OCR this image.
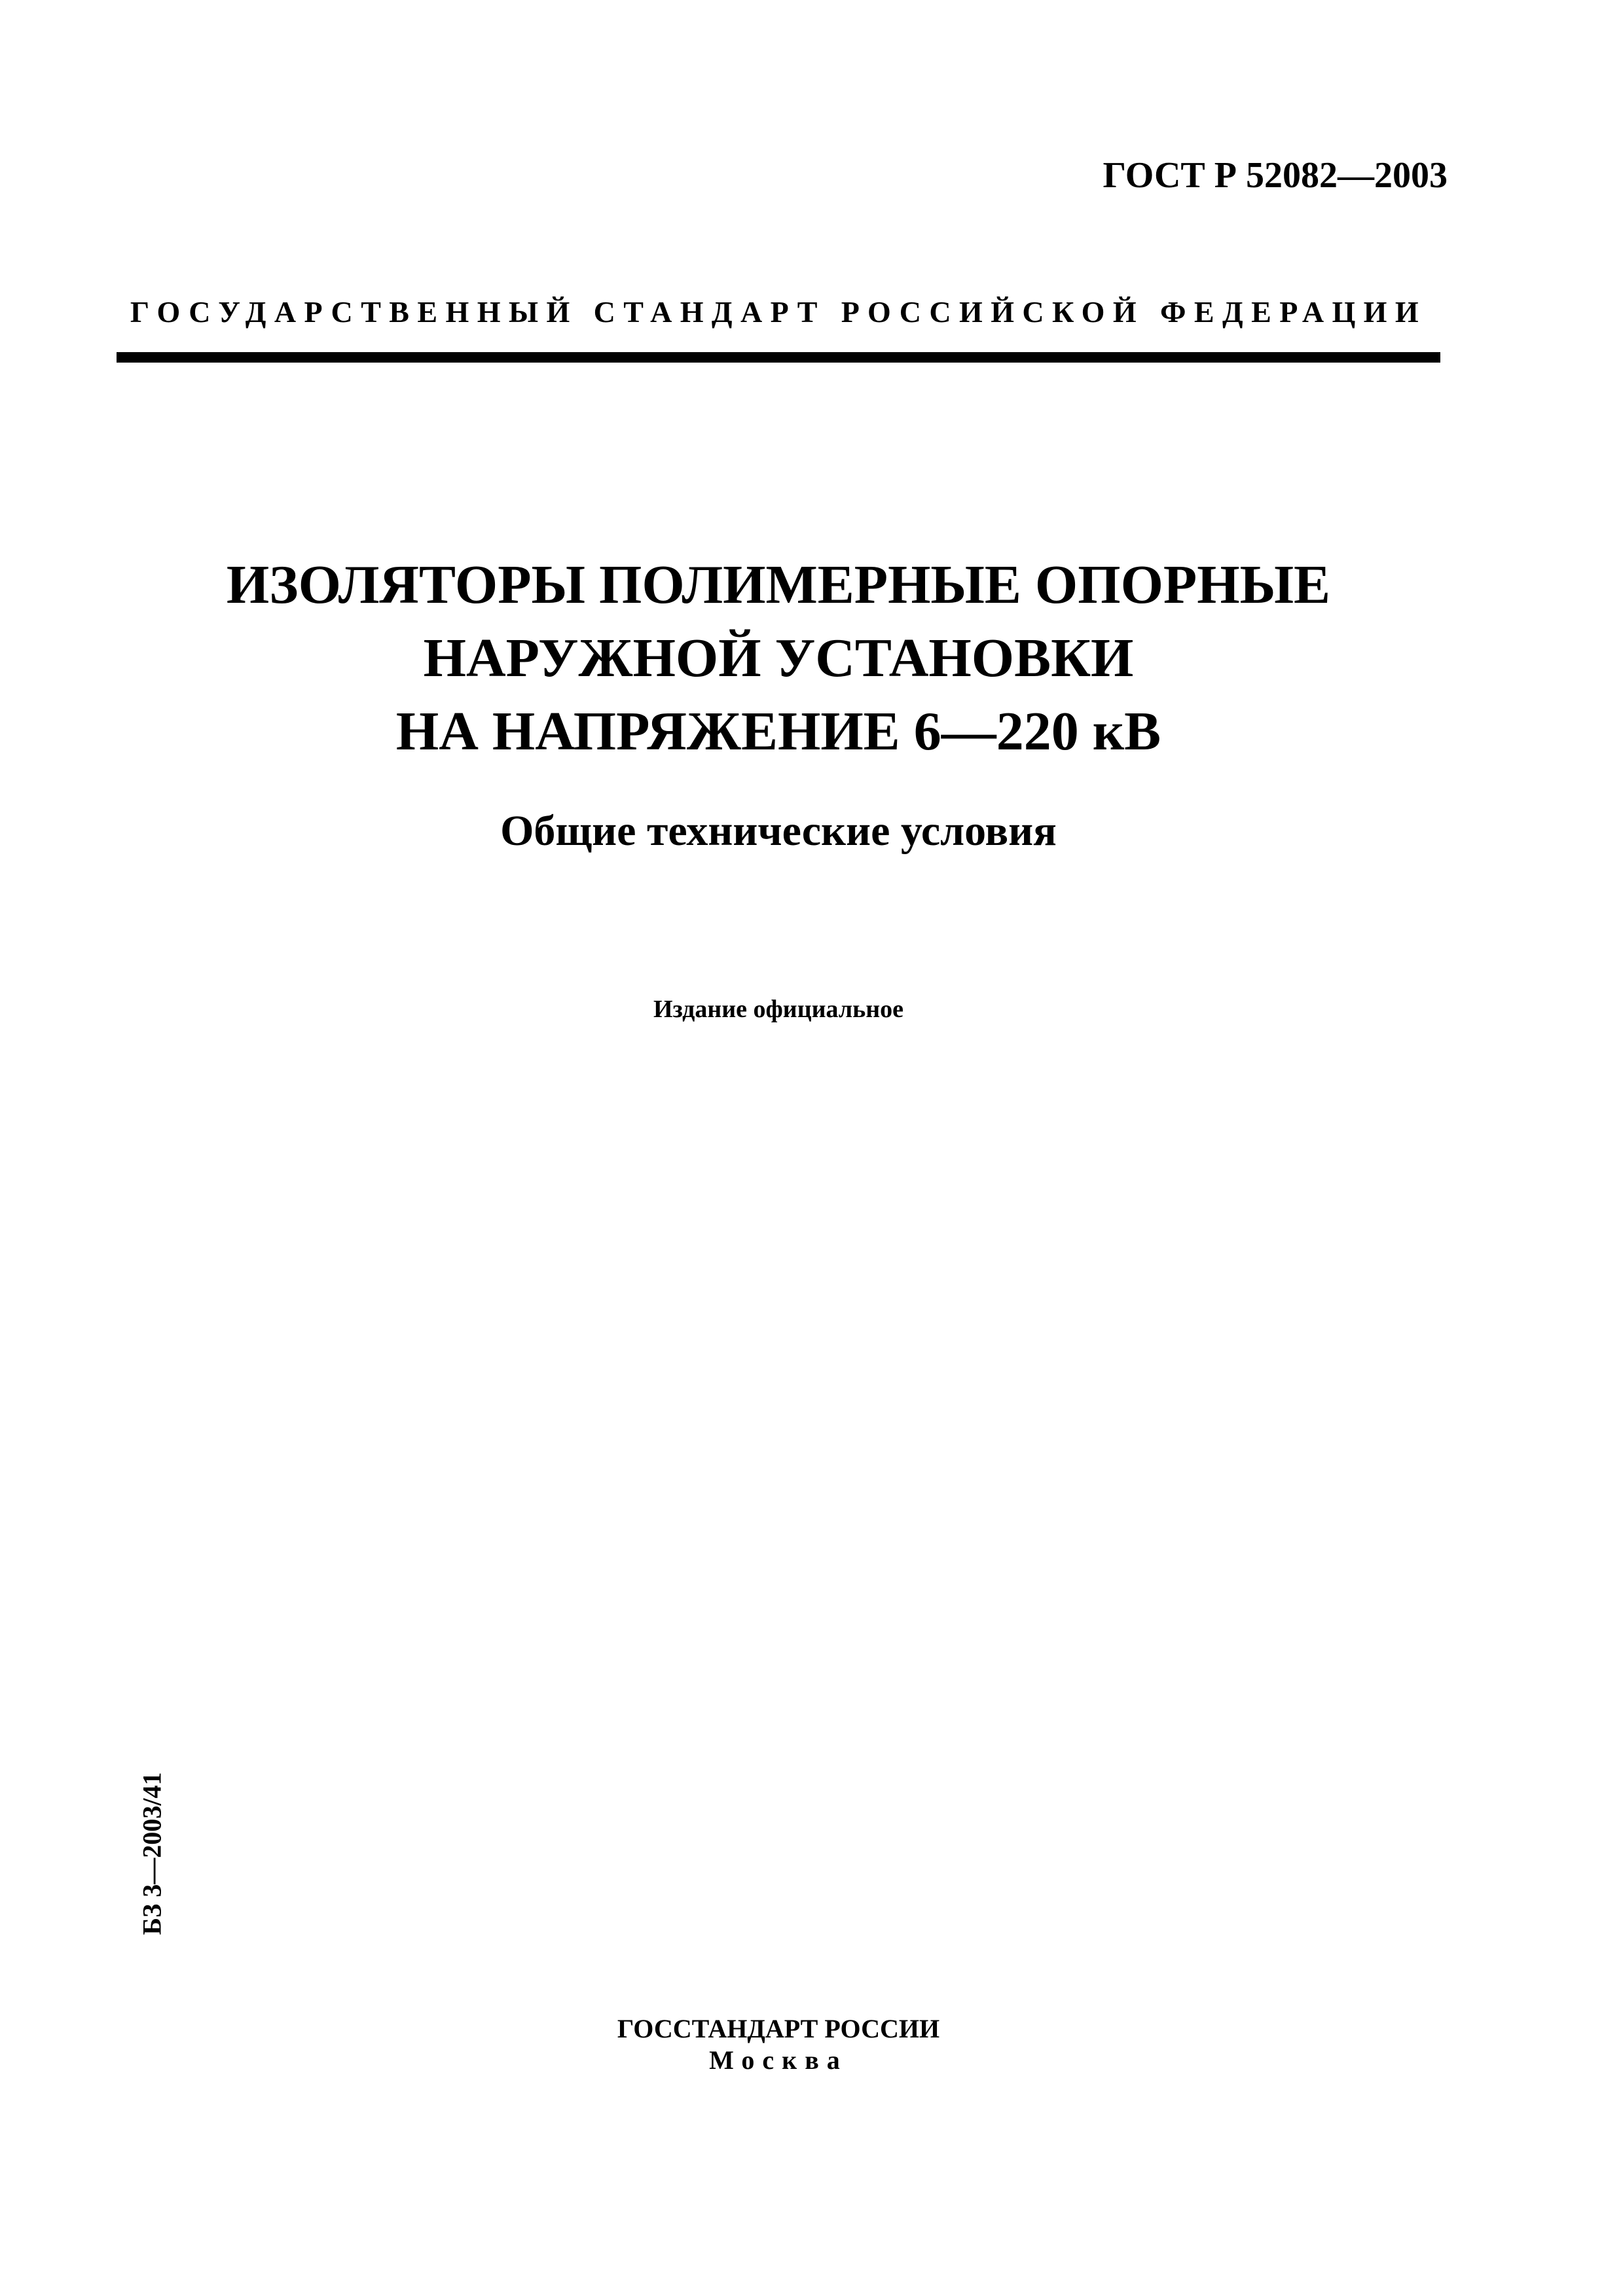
ГОСТ Р 52082—2003
ГОСУДАРСТВЕННЫЙ СТАНДАРТ РОССИЙСКОЙ ФЕДЕРАЦИИ
ИЗОЛЯТОРЫ ПОЛИМЕРНЫЕ ОПОРНЫЕ
НАРУЖНОЙ УСТАНОВКИ
НА НАПРЯЖЕНИЕ 6—220 кВ
Общие технические условия
Издание официальное
БЗ 3—2003/41
ГОССТАНДАРТ РОССИИ
Москва
